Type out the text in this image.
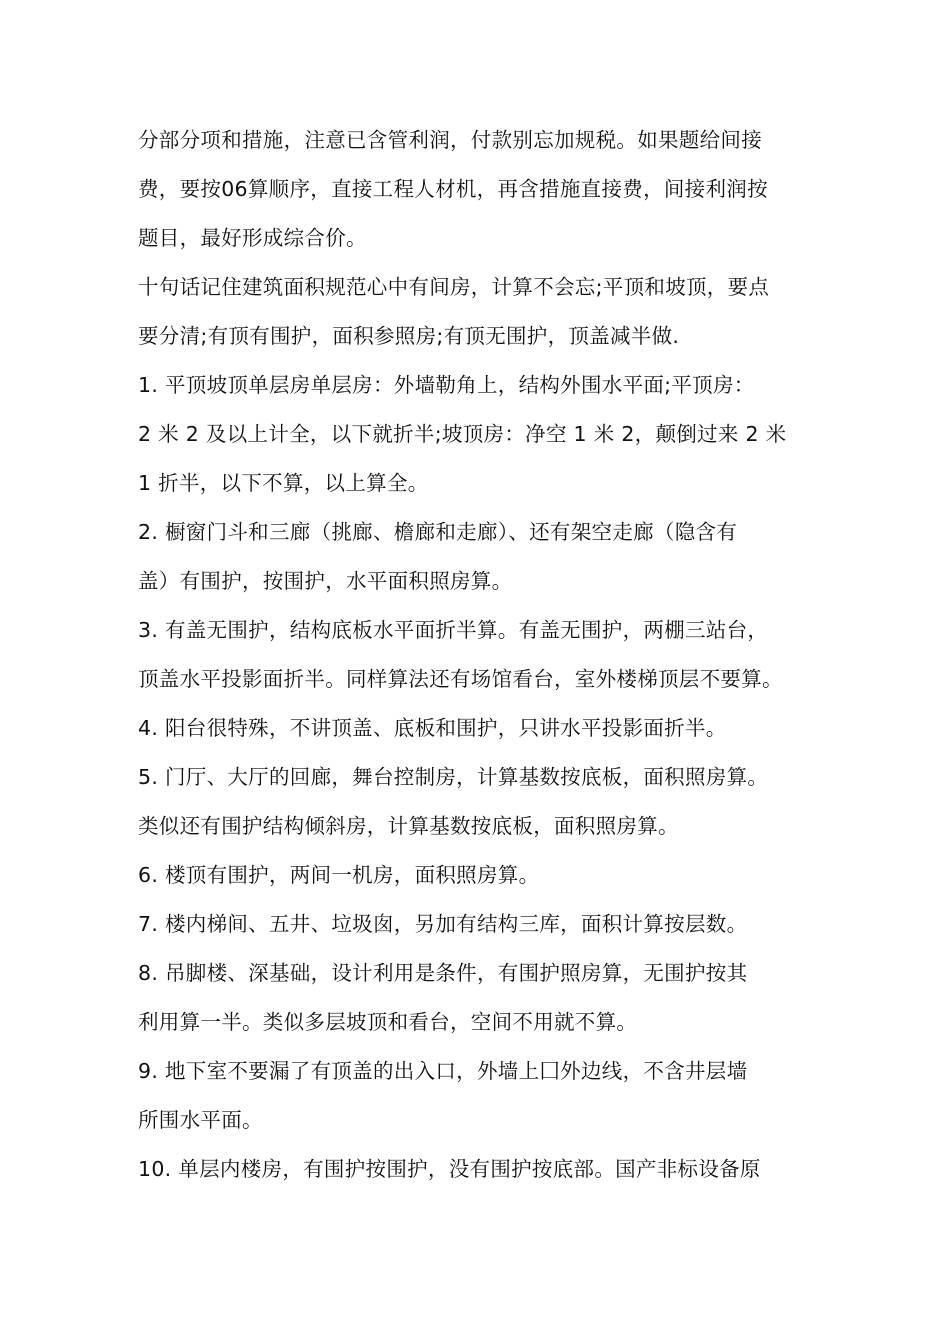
分部分项和措施，注意已含管利润，付款别忘加规税。如果题给间接
费，要按06算顺序，直接工程人材机，再含措施直接费，间接利润按
题目，最好形成综合价。
十句话记住建筑面积规范心中有间房，计算不会忘;平顶和坡顶，要点
要分清;有顶有围护，面积参照房;有顶无围护，顶盖减半做.
1. 平顶坡顶单层房单层房：外墙勒角上，结构外围水平面;平顶房：
2 米 2 及以上计全，以下就折半;坡顶房：净空 1 米 2，颠倒过来 2 米
1 折半，以下不算，以上算全。
2. 橱窗门斗和三廊（挑廊、檐廊和走廊）、还有架空走廊（隐含有
盖）有围护，按围护，水平面积照房算。
3. 有盖无围护，结构底板水平面折半算。有盖无围护，两棚三站台，
顶盖水平投影面折半。同样算法还有场馆看台，室外楼梯顶层不要算。
4. 阳台很特殊，不讲顶盖、底板和围护，只讲水平投影面折半。
5. 门厅、大厅的回廊，舞台控制房，计算基数按底板，面积照房算。
类似还有围护结构倾斜房，计算基数按底板，面积照房算。
6. 楼顶有围护，两间一机房，面积照房算。
7. 楼内梯间、五井、垃圾囱，另加有结构三库，面积计算按层数。
8. 吊脚楼、深基础，设计利用是条件，有围护照房算，无围护按其
利用算一半。类似多层坡顶和看台，空间不用就不算。
9. 地下室不要漏了有顶盖的出入口，外墙上囗外边线，不含井层墙
所围水平面。
10. 单层内楼房，有围护按围护，没有围护按底部。国产非标设备原
